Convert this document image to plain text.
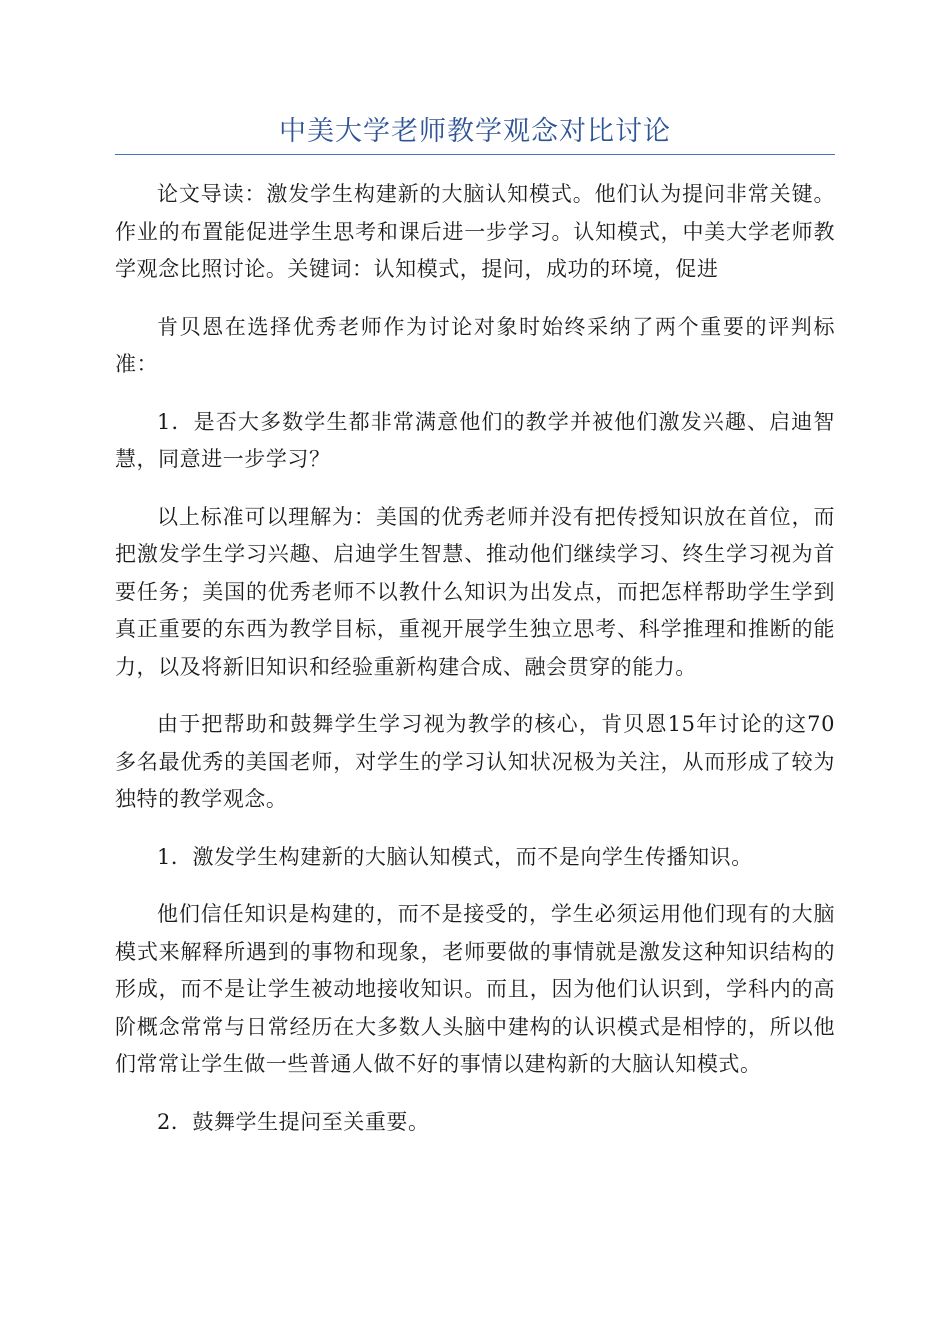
中美大学老师教学观念对比讨论

论文导读：激发学生构建新的大脑认知模式。他们认为提问非常关键。作业的布置能促进学生思考和课后进一步学习。认知模式，中美大学老师教学观念比照讨论。关键词：认知模式，提问，成功的环境，促进

肯贝恩在选择优秀老师作为讨论对象时始终采纳了两个重要的评判标准：

1．是否大多数学生都非常满意他们的教学并被他们激发兴趣、启迪智慧，同意进一步学习？

以上标准可以理解为：美国的优秀老师并没有把传授知识放在首位，而把激发学生学习兴趣、启迪学生智慧、推动他们继续学习、终生学习视为首要任务；美国的优秀老师不以教什么知识为出发点，而把怎样帮助学生学到真正重要的东西为教学目标，重视开展学生独立思考、科学推理和推断的能力，以及将新旧知识和经验重新构建合成、融会贯穿的能力。

由于把帮助和鼓舞学生学习视为教学的核心，肯贝恩15年讨论的这70多名最优秀的美国老师，对学生的学习认知状况极为关注，从而形成了较为独特的教学观念。

1．激发学生构建新的大脑认知模式，而不是向学生传播知识。

他们信任知识是构建的，而不是接受的，学生必须运用他们现有的大脑模式来解释所遇到的事物和现象，老师要做的事情就是激发这种知识结构的形成，而不是让学生被动地接收知识。而且，因为他们认识到，学科内的高阶概念常常与日常经历在大多数人头脑中建构的认识模式是相悖的，所以他们常常让学生做一些普通人做不好的事情以建构新的大脑认知模式。

2．鼓舞学生提问至关重要。
